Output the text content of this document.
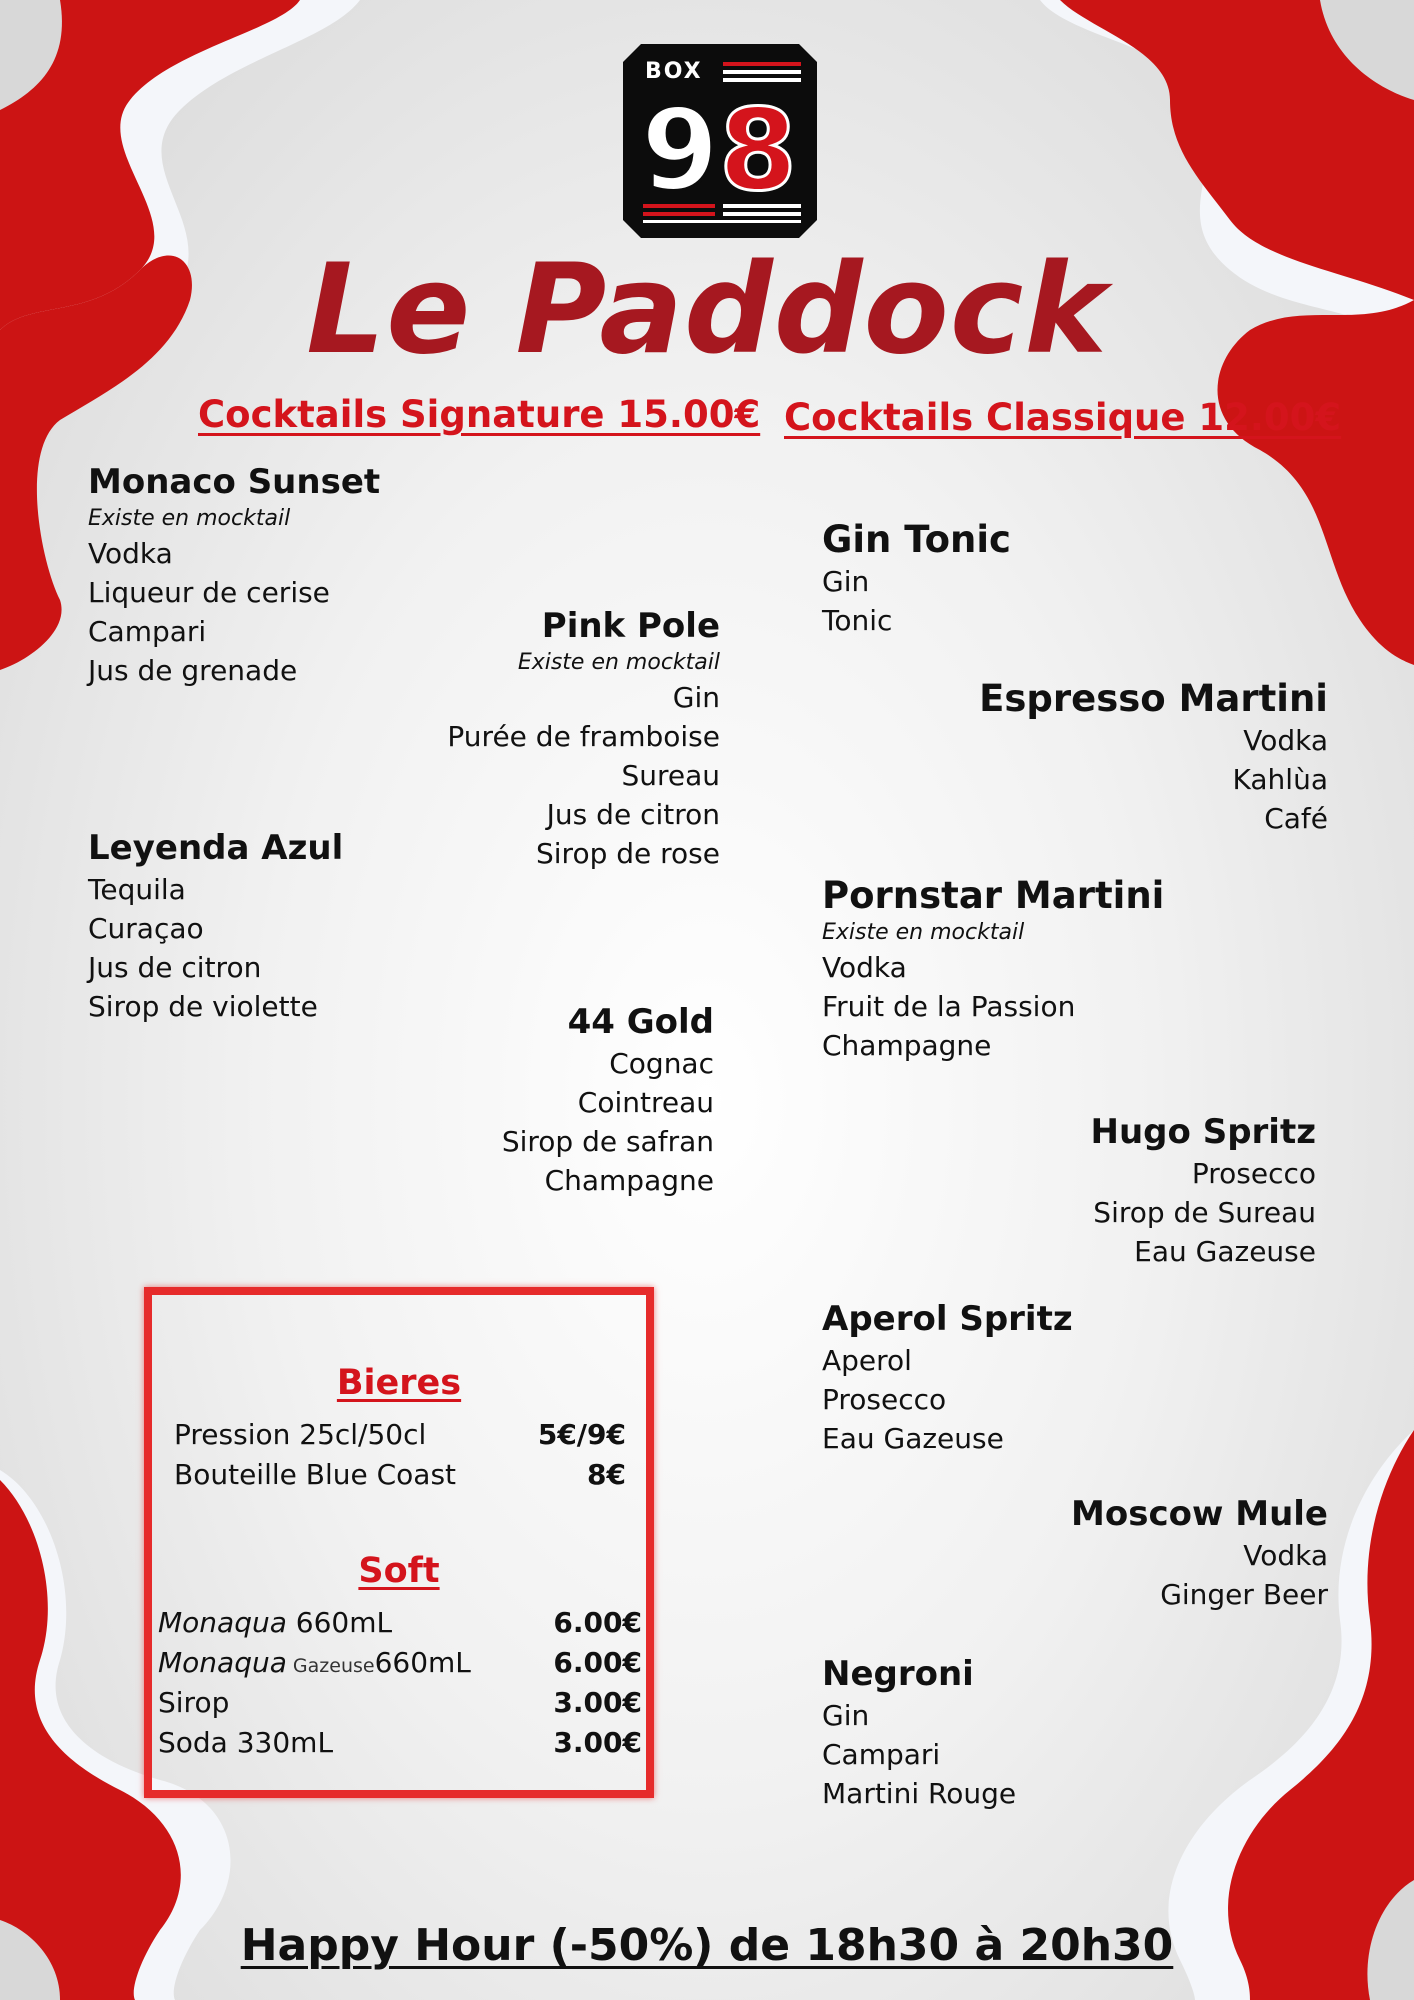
BOX
9 8
Le Paddock
Cocktails Signature 15.00€ Cocktails Classique 12.00€
Monaco Sunset
Existe en mocktail
Vodka
Liqueur de cerise
Campari
Jus de grenade
Pink Pole
Existe en mocktail
Gin
Purée de framboise
Sureau
Jus de citron
Sirop de rose
Leyenda Azul
Tequila
Curaçao
Jus de citron
Sirop de violette	44 Gold
Cognac
Cointreau
Sirop de safran
Champagne
Gin Tonic
Gin
Tonic
Espresso Martini
Vodka
Kahlùa
Café
Pornstar Martini
Existe en mocktail
Vodka
Fruit de la Passion
Champagne
Hugo Spritz
Prosecco
Sirop de Sureau
Eau Gazeuse
Aperol Spritz
Aperol
Prosecco
Eau Gazeuse
Moscow Mule
Vodka
Ginger Beer
Negroni
Gin
Campari
Martini Rouge
Bieres
Pression 25cl/50cl	5€/9€
Bouteille Blue Coast	8€
Soft
Monaqua 660mL	6.00€
Monaqua Gazeuse660mL	6.00€
Sirop	3.00€
Soda 330mL	3.00€
Happy Hour (-50%) de 18h30 à 20h30
